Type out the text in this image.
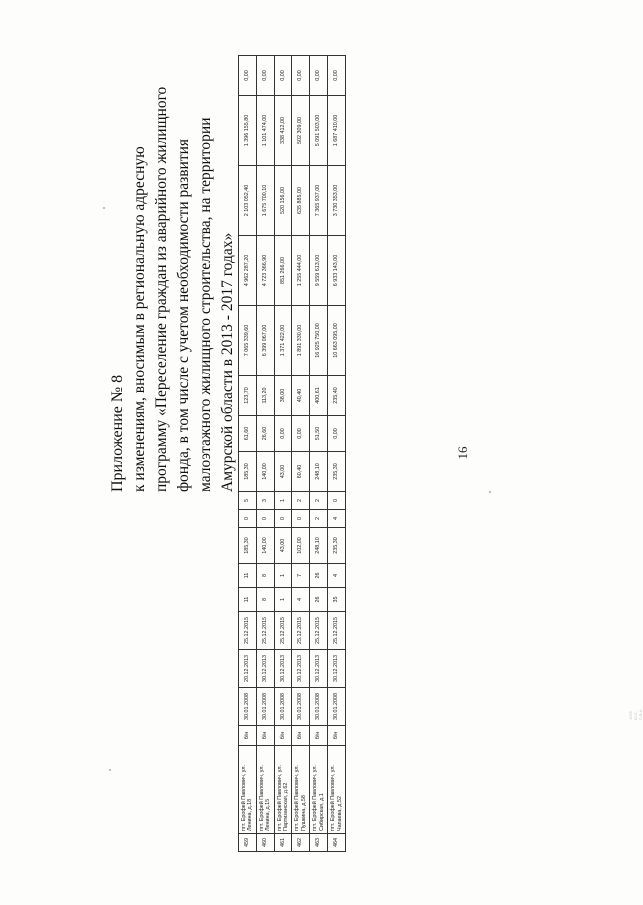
16
Приложение № 8 к изменениям, вносимым в региональную адресную программу «Переселение граждан из аварийного жилищного фонда, в том числе с учетом необходимости развития малоэтажного жилищного строительства, на территории Амурской области в 2013 - 2017 годах»
459	пгт. Ерофей Павлович, ул. Ленина, д.18	б/н	30.01.2008	20.12.2013	25.12.2015	11	11	185,30	0	5	185,30	61,60	123,70	7 065 339,60	4 962 287,20	2 103 052,40	1 396 155,80	0,00
460	пгт. Ерофей Павлович, ул. Ленина, д.15	б/н	30.01.2008	30.12.2013	25.12.2015	8	8	140,00	0	3	140,00	26,60	113,20	6 399 067,00	4 723 366,90	1 675 700,10	1 101 474,00	0,00
461	пгт. Ерофей Павлович, ул. Партизанская, д.62	б/н	30.01.2008	30.12.2013	25.12.2015	1	1	43,00	0	1	43,00	0,00	38,00	1 371 422,00	851 266,00	520 156,00	338 412,00	0,00
462	пгт. Ерофей Павлович, ул. Пушкина, д.58	б/н	30.01.2008	30.12.2013	25.12.2015	4	7	102,00	0	2	60,40	0,00	40,40	1 891 330,00	1 255 444,00	635 885,00	502 309,00	0,00
463	пгт. Ерофей Павлович, ул. Сибирская, д.1	б/н	30.01.2008	30.12.2013	25.12.2015	26	26	248,10	2	2	248,10	51,50	400,61	16 925 750,00	9 559 613,00	7 365 937,00	5 091 503,00	0,00
464	пгт. Ерофей Павлович, ул. Чапаева, д.52	б/н	30.01.2008	30.12.2013	25.12.2015	35	4	235,30	4	0	235,30	0,00	235,40	10 663 095,00	6 933 143,00	3 730 353,00	1 687 410,00	0,00
1025 Ю.Е. П.В.А.
